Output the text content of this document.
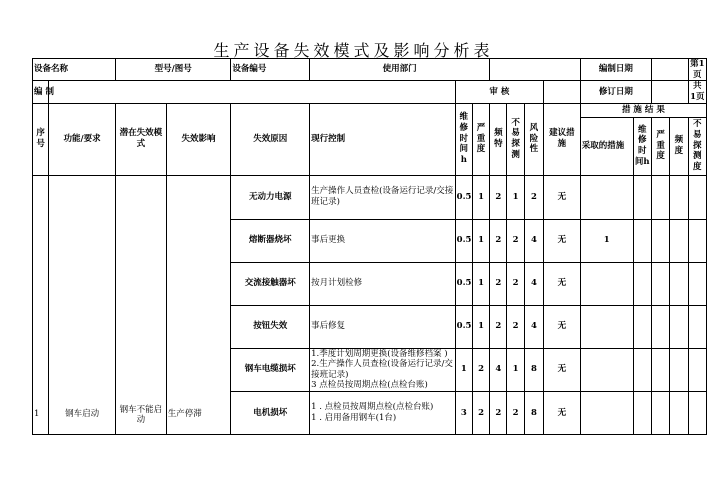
生产设备失效模式及影响分析表
设备名称		型号/图号		设备编号	使用部门							编制日期				第1页
编 制						审 核						修订日期				共 1页
序号	功能/要求	潜在失效模式	失效影响	失效原因	现行控制	维修时间h	严重度	频特	不易探测	风险性	建议措施	措 施 结 果				
												采取的措施	维修时间h	严重度	频度	不易探测度
1	钢车启动	钢车不能启动	生产停滞	无动力电源	生产操作人员查检(设备运行记录/交接班记录)	0.5	1	2	1	2	无					
				熔断器烧坏	事后更换	0.5	1	2	2	4	无	1				
				交流接触器坏	按月计划检修	0.5	1	2	2	4	无					
				按钮失效	事后修复	0.5	1	2	2	4	无					
				钢车电缆损坏	1.季度计划周期更换(设备维修档案 )
2.生产操作人员查检(设备运行记录/交接班记录)
3 点检员按周期点检(点检台账)	1	2	4	1	8	无					
				电机损坏	1 . 点检员按周期点检(点检台账)
1 . 启用备用钢车(1台)	3	2	2	2	8	无					
